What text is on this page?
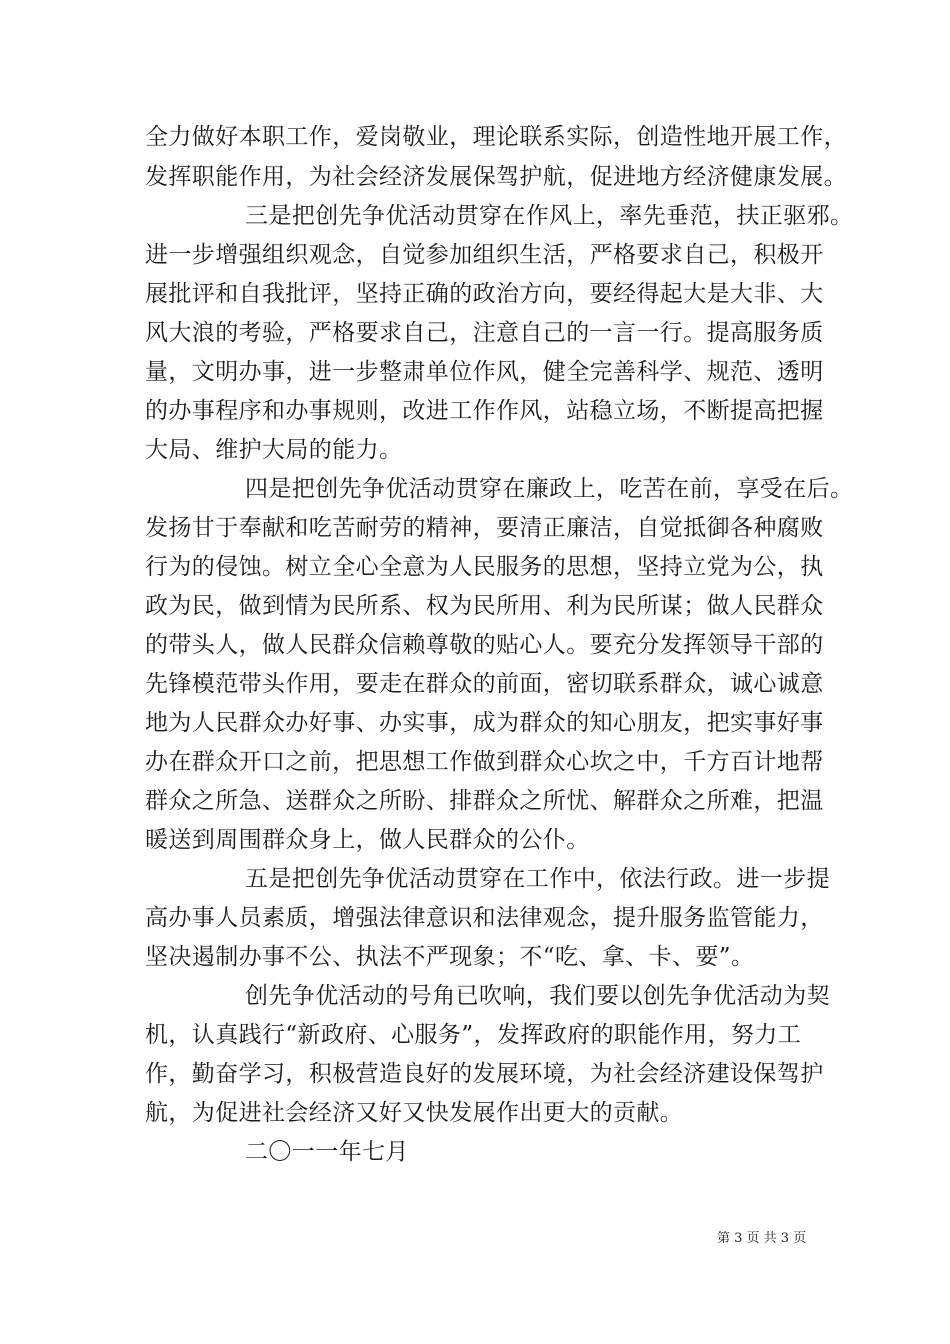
全力做好本职工作，爱岗敬业，理论联系实际，创造性地开展工作，
发挥职能作用，为社会经济发展保驾护航，促进地方经济健康发展。
三是把创先争优活动贯穿在作风上，率先垂范，扶正驱邪。
进一步增强组织观念，自觉参加组织生活，严格要求自己，积极开
展批评和自我批评，坚持正确的政治方向，要经得起大是大非、大
风大浪的考验，严格要求自己，注意自己的一言一行。提高服务质
量，文明办事，进一步整肃单位作风，健全完善科学、规范、透明
的办事程序和办事规则，改进工作作风，站稳立场，不断提高把握
大局、维护大局的能力。
四是把创先争优活动贯穿在廉政上，吃苦在前，享受在后。
发扬甘于奉献和吃苦耐劳的精神，要清正廉洁，自觉抵御各种腐败
行为的侵蚀。树立全心全意为人民服务的思想，坚持立党为公，执
政为民，做到情为民所系、权为民所用、利为民所谋；做人民群众
的带头人，做人民群众信赖尊敬的贴心人。要充分发挥领导干部的
先锋模范带头作用，要走在群众的前面，密切联系群众，诚心诚意
地为人民群众办好事、办实事，成为群众的知心朋友，把实事好事
办在群众开口之前，把思想工作做到群众心坎之中，千方百计地帮
群众之所急、送群众之所盼、排群众之所忧、解群众之所难，把温
暖送到周围群众身上，做人民群众的公仆。
五是把创先争优活动贯穿在工作中，依法行政。进一步提
高办事人员素质，增强法律意识和法律观念，提升服务监管能力，
坚决遏制办事不公、执法不严现象；不“吃、拿、卡、要”。
创先争优活动的号角已吹响，我们要以创先争优活动为契
机，认真践行“新政府、心服务”，发挥政府的职能作用，努力工
作，勤奋学习，积极营造良好的发展环境，为社会经济建设保驾护
航，为促进社会经济又好又快发展作出更大的贡献。
二〇一一年七月
第 3 页 共 3 页
